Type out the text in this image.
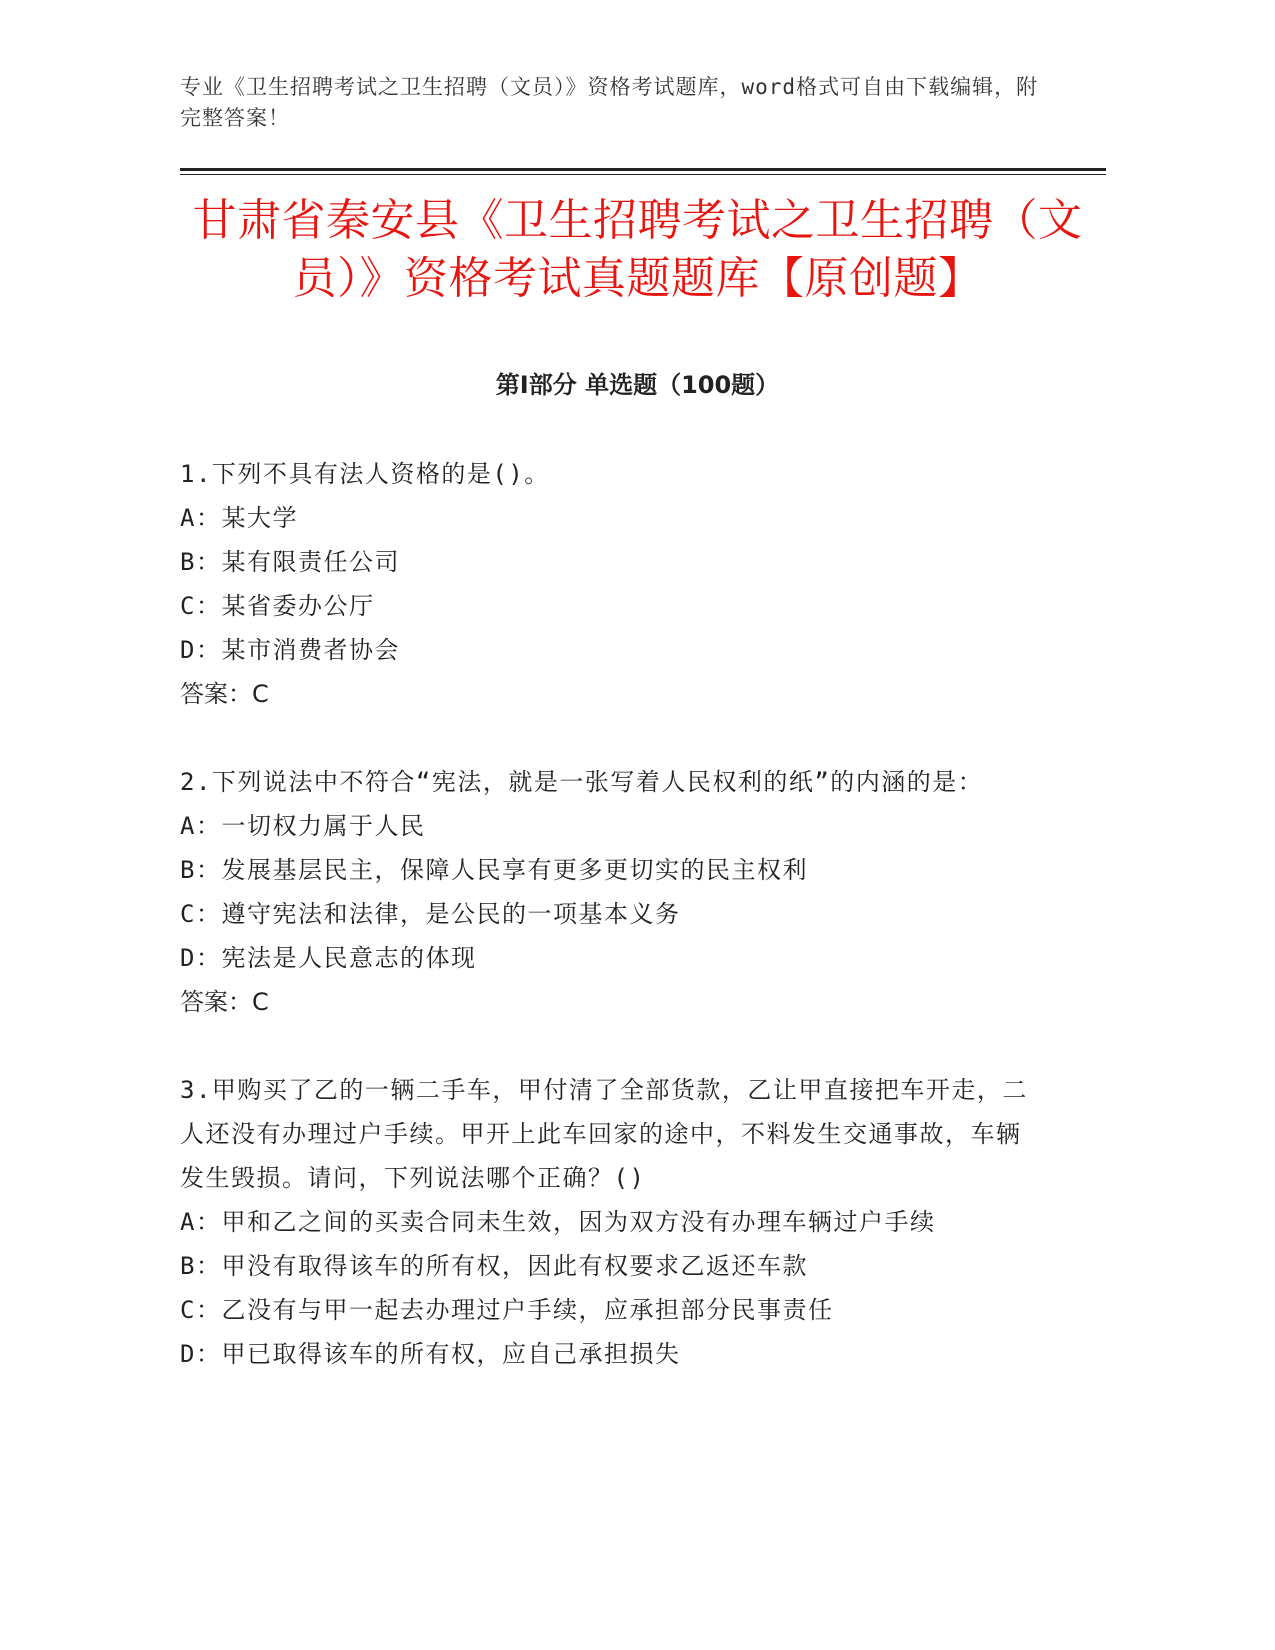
专业《卫生招聘考试之卫生招聘（文员）》资格考试题库，word格式可自由下载编辑，附完整答案！
甘肃省秦安县《卫生招聘考试之卫生招聘（文员）》资格考试真题题库【原创题】
第Ⅰ部分 单选题（100题）

1.下列不具有法人资格的是()。

A：某大学

B：某有限责任公司

C：某省委办公厅

D：某市消费者协会

答案：C

2.下列说法中不符合“宪法，就是一张写着人民权利的纸”的内涵的是：

A：一切权力属于人民

B：发展基层民主，保障人民享有更多更切实的民主权利

C：遵守宪法和法律，是公民的一项基本义务

D：宪法是人民意志的体现

答案：C

3.甲购买了乙的一辆二手车，甲付清了全部货款，乙让甲直接把车开走，二人还没有办理过户手续。甲开上此车回家的途中，不料发生交通事故，车辆发生毁损。请问，下列说法哪个正确？()

A：甲和乙之间的买卖合同未生效，因为双方没有办理车辆过户手续

B：甲没有取得该车的所有权，因此有权要求乙返还车款

C：乙没有与甲一起去办理过户手续，应承担部分民事责任

D：甲已取得该车的所有权，应自己承担损失
